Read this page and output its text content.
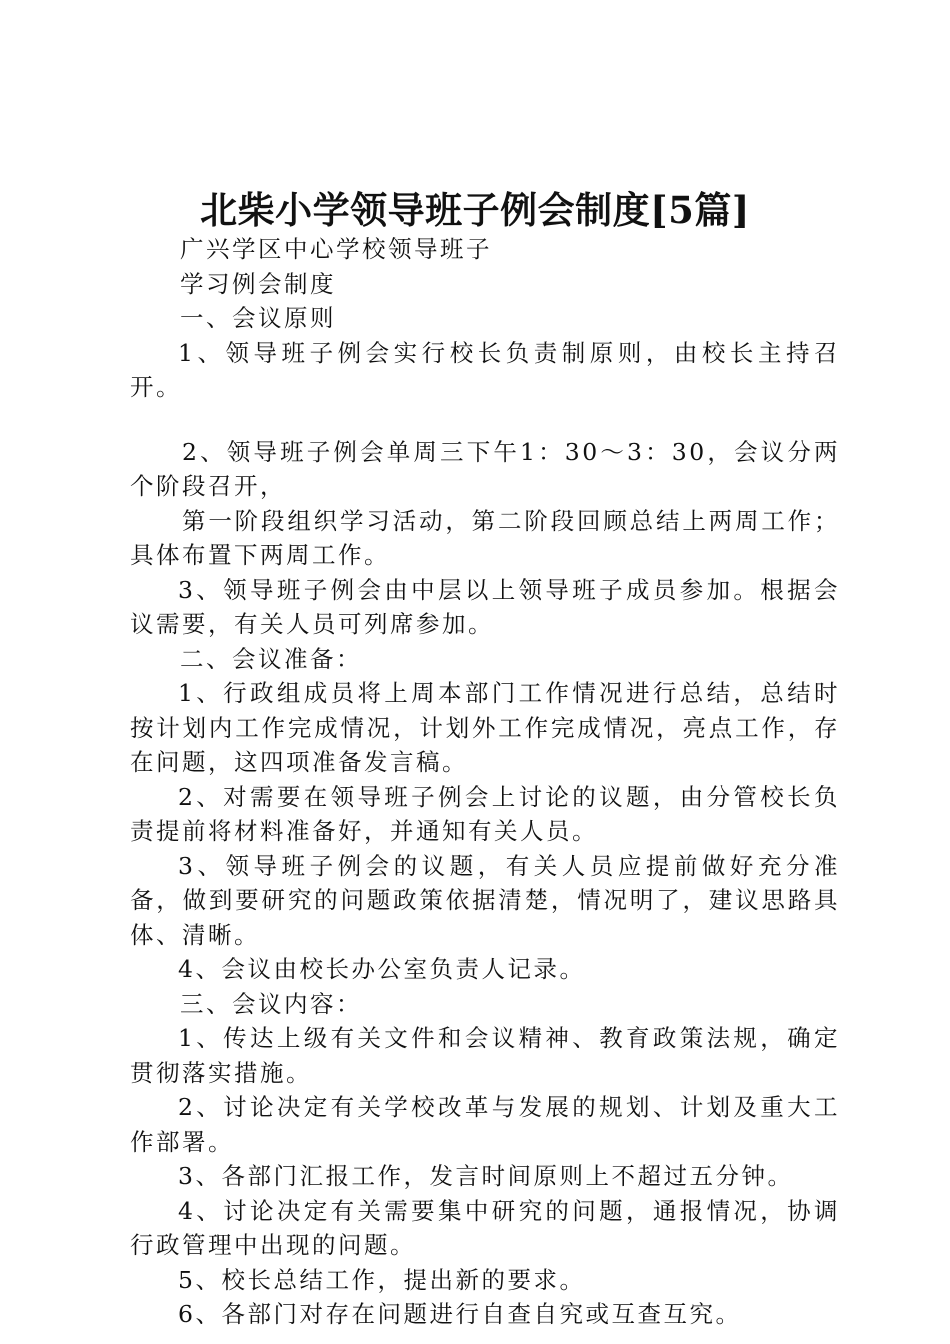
北柴小学领导班子例会制度[5篇]

广兴学区中心学校领导班子

学习例会制度

一、会议原则

1、领导班子例会实行校长负责制原则，由校长主持召开。

2、领导班子例会单周三下午1：30～3：30，会议分两个阶段召开，

第一阶段组织学习活动，第二阶段回顾总结上两周工作；具体布置下两周工作。

3、领导班子例会由中层以上领导班子成员参加。根据会议需要，有关人员可列席参加。

二、会议准备：

1、行政组成员将上周本部门工作情况进行总结，总结时按计划内工作完成情况，计划外工作完成情况，亮点工作，存在问题，这四项准备发言稿。

2、对需要在领导班子例会上讨论的议题，由分管校长负责提前将材料准备好，并通知有关人员。

3、领导班子例会的议题，有关人员应提前做好充分准备，做到要研究的问题政策依据清楚，情况明了，建议思路具体、清晰。

4、会议由校长办公室负责人记录。

三、会议内容：

1、传达上级有关文件和会议精神、教育政策法规，确定贯彻落实措施。

2、讨论决定有关学校改革与发展的规划、计划及重大工作部署。

3、各部门汇报工作，发言时间原则上不超过五分钟。

4、讨论决定有关需要集中研究的问题，通报情况，协调行政管理中出现的问题。

5、校长总结工作，提出新的要求。

6、各部门对存在问题进行自查自究或互查互究。
